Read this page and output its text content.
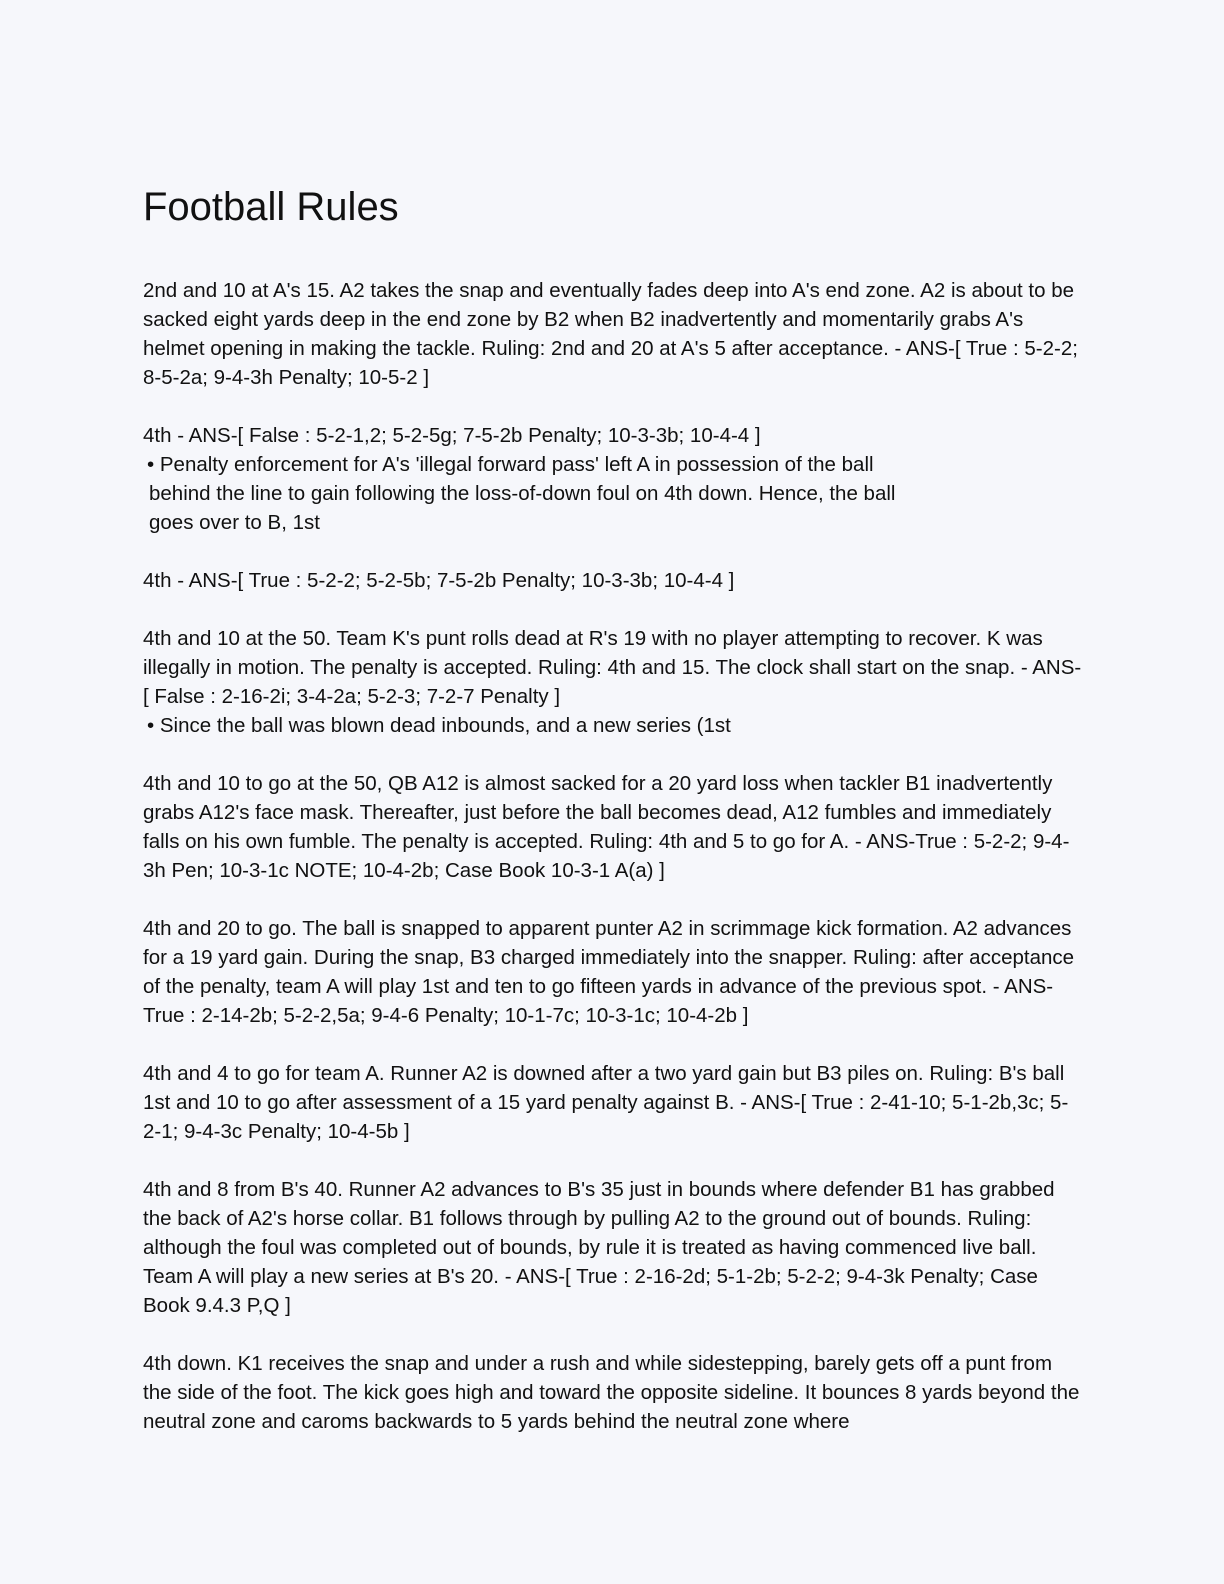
Football Rules

2nd and 10 at A's 15. A2 takes the snap and eventually fades deep into A's end zone. A2 is about to be sacked eight yards deep in the end zone by B2 when B2 inadvertently and momentarily grabs A's helmet opening in making the tackle. Ruling: 2nd and 20 at A's 5 after acceptance. - ANS-[ True : 5-2-2; 8-5-2a; 9-4-3h Penalty; 10-5-2 ]

4th - ANS-[ False : 5-2-1,2; 5-2-5g; 7-5-2b Penalty; 10-3-3b; 10-4-4 ]

• Penalty enforcement for A's 'illegal forward pass' left A in possession of the ball
behind the line to gain following the loss-of-down foul on 4th down. Hence, the ball
goes over to B, 1st

4th - ANS-[ True : 5-2-2; 5-2-5b; 7-5-2b Penalty; 10-3-3b; 10-4-4 ]

4th and 10 at the 50. Team K's punt rolls dead at R's 19 with no player attempting to recover. K was illegally in motion. The penalty is accepted. Ruling: 4th and 15. The clock shall start on the snap. - ANS-[ False : 2-16-2i; 3-4-2a; 5-2-3; 7-2-7 Penalty ]

• Since the ball was blown dead inbounds, and a new series (1st

4th and 10 to go at the 50, QB A12 is almost sacked for a 20 yard loss when tackler B1 inadvertently grabs A12's face mask. Thereafter, just before the ball becomes dead, A12 fumbles and immediately falls on his own fumble. The penalty is accepted. Ruling: 4th and 5 to go for A. - ANS-True : 5-2-2; 9-4-3h Pen; 10-3-1c NOTE; 10-4-2b; Case Book 10-3-1 A(a) ]

4th and 20 to go. The ball is snapped to apparent punter A2 in scrimmage kick formation. A2 advances for a 19 yard gain. During the snap, B3 charged immediately into the snapper. Ruling: after acceptance of the penalty, team A will play 1st and ten to go fifteen yards in advance of the previous spot. - ANS-True : 2-14-2b; 5-2-2,5a; 9-4-6 Penalty; 10-1-7c; 10-3-1c; 10-4-2b ]

4th and 4 to go for team A. Runner A2 is downed after a two yard gain but B3 piles on. Ruling: B's ball 1st and 10 to go after assessment of a 15 yard penalty against B. - ANS-[ True : 2-41-10; 5-1-2b,3c; 5-2-1; 9-4-3c Penalty; 10-4-5b ]

4th and 8 from B's 40. Runner A2 advances to B's 35 just in bounds where defender B1 has grabbed the back of A2's horse collar. B1 follows through by pulling A2 to the ground out of bounds. Ruling: although the foul was completed out of bounds, by rule it is treated as having commenced live ball. Team A will play a new series at B's 20. - ANS-[ True : 2-16-2d; 5-1-2b; 5-2-2; 9-4-3k Penalty; Case Book 9.4.3 P,Q ]

4th down. K1 receives the snap and under a rush and while sidestepping, barely gets off a punt from the side of the foot. The kick goes high and toward the opposite sideline. It bounces 8 yards beyond the neutral zone and caroms backwards to 5 yards behind the neutral zone where
